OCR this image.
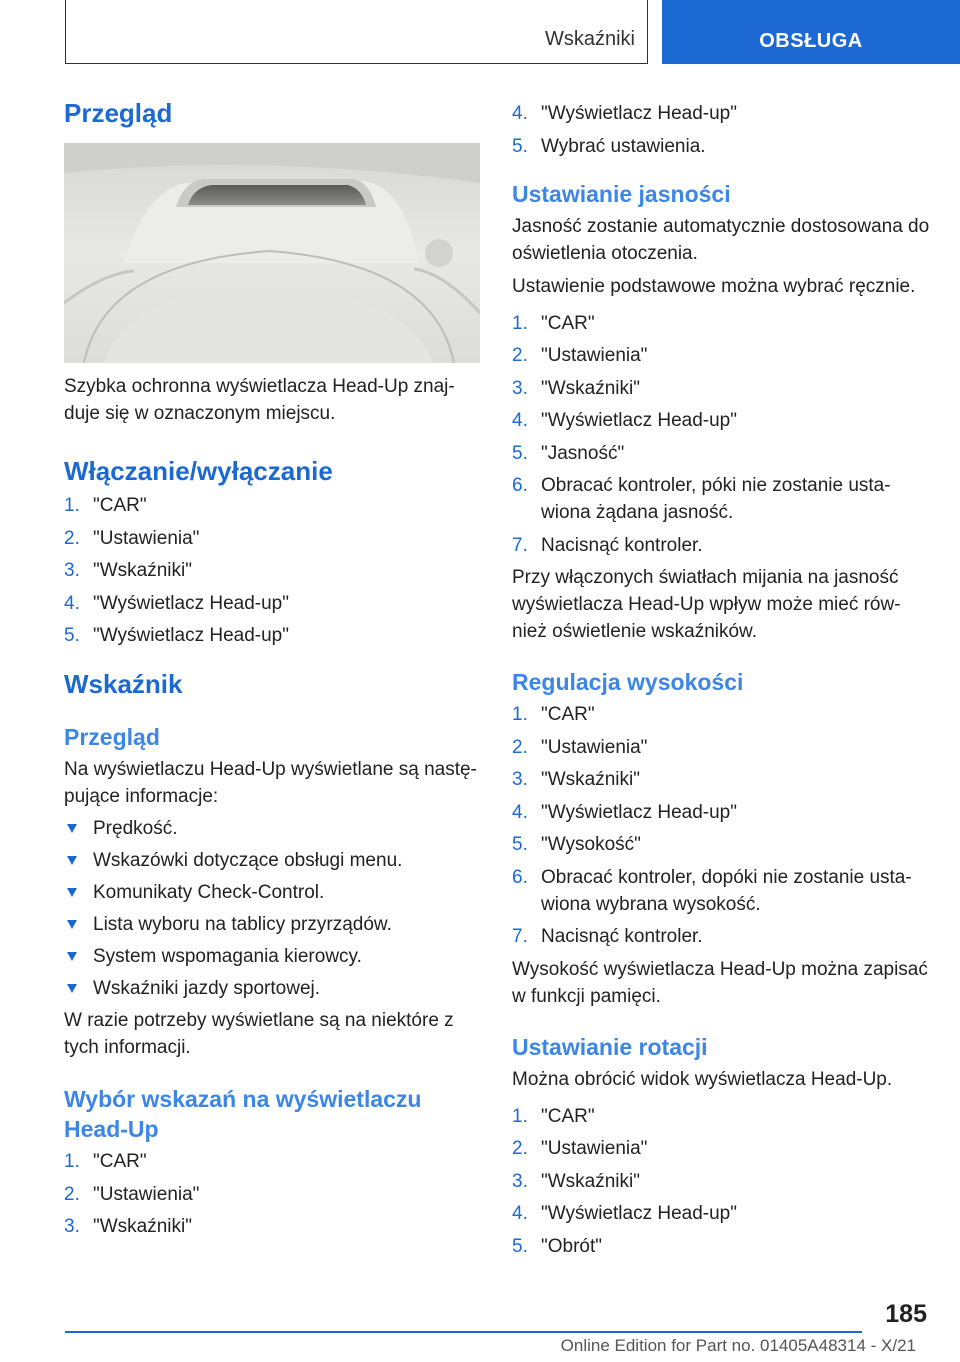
Wskaźniki	OBSŁUGA
Przegląd

Szybka ochronna wyświetlacza Head-Up znaj-duje się w oznaczonym miejscu.

Włączanie/wyłączanie
1. "CAR"
2. "Ustawienia"
3. "Wskaźniki"
4. "Wyświetlacz Head-up"
5. "Wyświetlacz Head-up"
Wskaźnik
Przegląd

Na wyświetlaczu Head-Up wyświetlane są nastę-pujące informacje:

Prędkość.
Wskazówki dotyczące obsługi menu.
Komunikaty Check-Control.
Lista wyboru na tablicy przyrządów.
System wspomagania kierowcy.
Wskaźniki jazdy sportowej.

W razie potrzeby wyświetlane są na niektóre z tych informacji.

Wybór wskazań na wyświetlaczu Head-Up
1. "CAR"
2. "Ustawienia"
3. "Wskaźniki"
4. "Wyświetlacz Head-up"
5. Wybrać ustawienia.
Ustawianie jasności

Jasność zostanie automatycznie dostosowana do oświetlenia otoczenia.

Ustawienie podstawowe można wybrać ręcznie.

1. "CAR"
2. "Ustawienia"
3. "Wskaźniki"
4. "Wyświetlacz Head-up"
5. "Jasność"
6. Obracać kontroler, póki nie zostanie usta-wiona żądana jasność.
7. Nacisnąć kontroler.

Przy włączonych światłach mijania na jasność wyświetlacza Head-Up wpływ może mieć rów-nież oświetlenie wskaźników.

Regulacja wysokości
1. "CAR"
2. "Ustawienia"
3. "Wskaźniki"
4. "Wyświetlacz Head-up"
5. "Wysokość"
6. Obracać kontroler, dopóki nie zostanie usta-wiona wybrana wysokość.
7. Nacisnąć kontroler.

Wysokość wyświetlacza Head-Up można zapisać w funkcji pamięci.

Ustawianie rotacji

Można obrócić widok wyświetlacza Head-Up.

1. "CAR"
2. "Ustawienia"
3. "Wskaźniki"
4. "Wyświetlacz Head-up"
5. "Obrót"
185
Online Edition for Part no. 01405A48314 - X/21
